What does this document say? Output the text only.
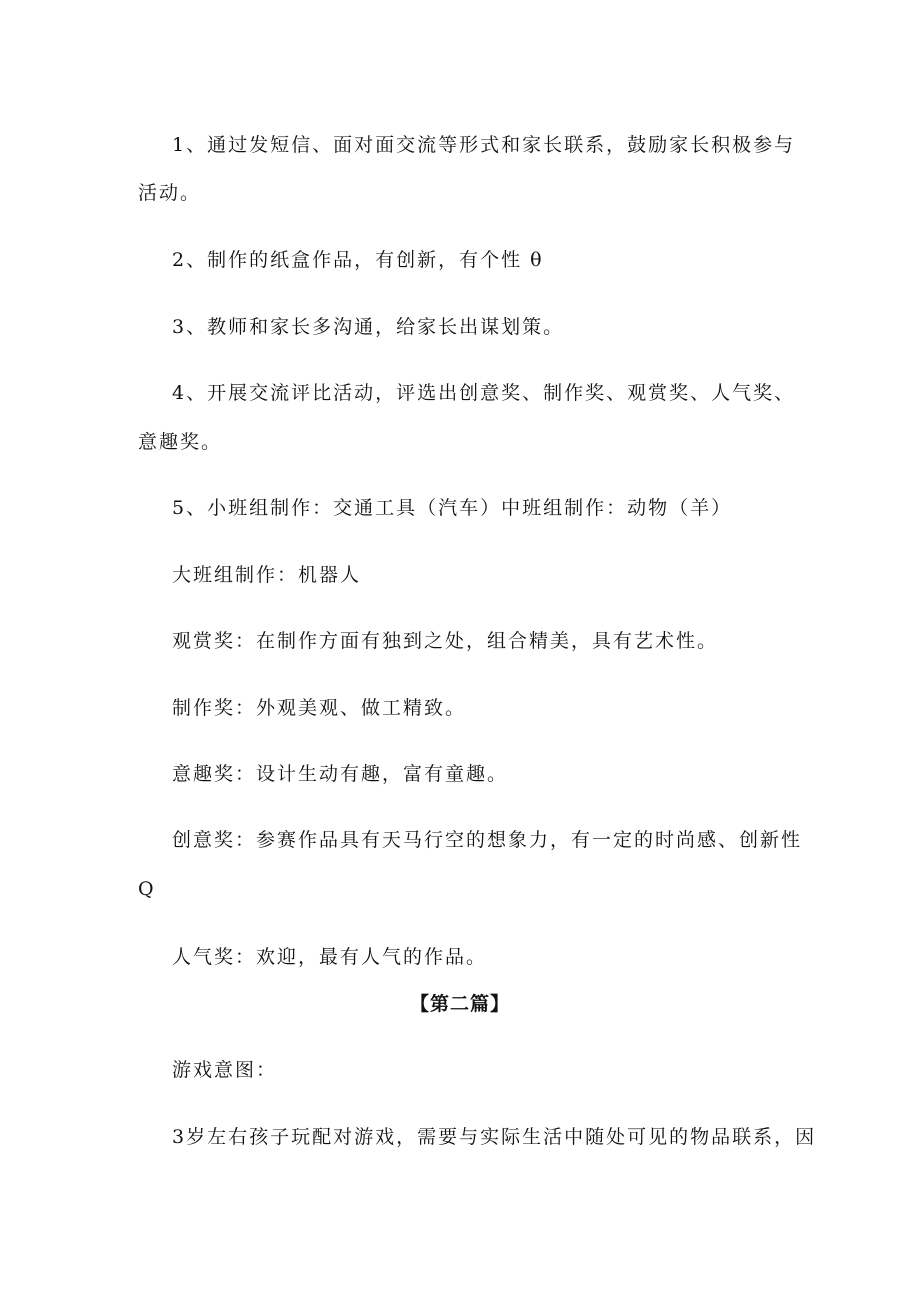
1、通过发短信、面对面交流等形式和家长联系，鼓励家长积极参与
活动。
2、制作的纸盒作品，有创新，有个性 θ
3、教师和家长多沟通，给家长出谋划策。
4、开展交流评比活动，评选出创意奖、制作奖、观赏奖、人气奖、
意趣奖。
5、小班组制作：交通工具（汽车）中班组制作：动物（羊）
大班组制作：机器人
观赏奖：在制作方面有独到之处，组合精美，具有艺术性。
制作奖：外观美观、做工精致。
意趣奖：设计生动有趣，富有童趣。
创意奖：参赛作品具有天马行空的想象力，有一定的时尚感、创新性
Q
人气奖：欢迎，最有人气的作品。
【第二篇】
游戏意图：
3岁左右孩子玩配对游戏，需要与实际生活中随处可见的物品联系，因
